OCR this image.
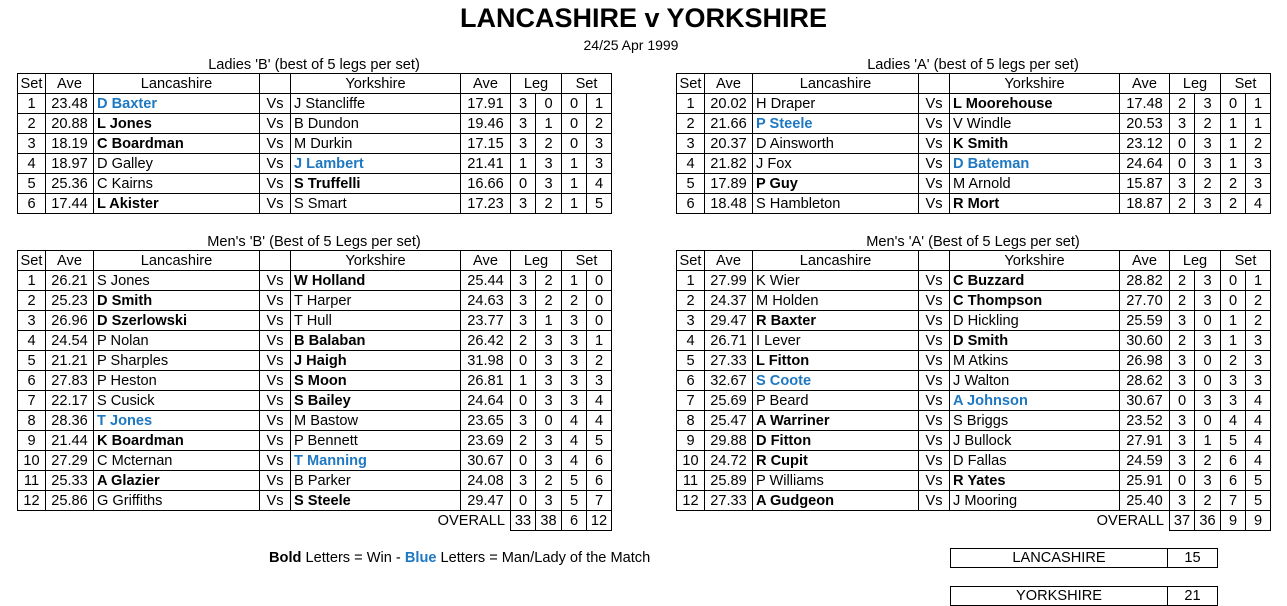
LANCASHIRE v YORKSHIRE
24/25 Apr 1999
Ladies 'B' (best of 5 legs per set)
Set	Ave	Lancashire		Yorkshire	Ave	Leg		Set	
1	23.48	D Baxter	Vs	J Stancliffe	17.91	3	0	0	1
2	20.88	L Jones	Vs	B Dundon	19.46	3	1	0	2
3	18.19	C Boardman	Vs	M Durkin	17.15	3	2	0	3
4	18.97	D Galley	Vs	J Lambert	21.41	1	3	1	3
5	25.36	C Kairns	Vs	S Truffelli	16.66	0	3	1	4
6	17.44	L Akister	Vs	S Smart	17.23	3	2	1	5
Ladies 'A' (best of 5 legs per set)
Set	Ave	Lancashire		Yorkshire	Ave	Leg		Set	
1	20.02	H Draper	Vs	L Moorehouse	17.48	2	3	0	1
2	21.66	P Steele	Vs	V Windle	20.53	3	2	1	1
3	20.37	D Ainsworth	Vs	K Smith	23.12	0	3	1	2
4	21.82	J Fox	Vs	D Bateman	24.64	0	3	1	3
5	17.89	P Guy	Vs	M Arnold	15.87	3	2	2	3
6	18.48	S Hambleton	Vs	R Mort	18.87	2	3	2	4
Men's 'B' (Best of 5 Legs per set)
Set	Ave	Lancashire		Yorkshire	Ave	Leg		Set	
1	26.21	S Jones	Vs	W Holland	25.44	3	2	1	0
2	25.23	D Smith	Vs	T Harper	24.63	3	2	2	0
3	26.96	D Szerlowski	Vs	T Hull	23.77	3	1	3	0
4	24.54	P Nolan	Vs	B Balaban	26.42	2	3	3	1
5	21.21	P Sharples	Vs	J Haigh	31.98	0	3	3	2
6	27.83	P Heston	Vs	S Moon	26.81	1	3	3	3
7	22.17	S Cusick	Vs	S Bailey	24.64	0	3	3	4
8	28.36	T Jones	Vs	M Bastow	23.65	3	0	4	4
9	21.44	K Boardman	Vs	P Bennett	23.69	2	3	4	5
10	27.29	C Mcternan	Vs	T Manning	30.67	0	3	4	6
11	25.33	A Glazier	Vs	B Parker	24.08	3	2	5	6
12	25.86	G Griffiths	Vs	S Steele	29.47	0	3	5	7
OVERALL						33	38	6	12
Men's 'A' (Best of 5 Legs per set)
Set	Ave	Lancashire		Yorkshire	Ave	Leg		Set	
1	27.99	K Wier	Vs	C Buzzard	28.82	2	3	0	1
2	24.37	M Holden	Vs	C Thompson	27.70	2	3	0	2
3	29.47	R Baxter	Vs	D Hickling	25.59	3	0	1	2
4	26.71	I Lever	Vs	D Smith	30.60	2	3	1	3
5	27.33	L Fitton	Vs	M Atkins	26.98	3	0	2	3
6	32.67	S Coote	Vs	J Walton	28.62	3	0	3	3
7	25.69	P Beard	Vs	A Johnson	30.67	0	3	3	4
8	25.47	A Warriner	Vs	S Briggs	23.52	3	0	4	4
9	29.88	D Fitton	Vs	J Bullock	27.91	3	1	5	4
10	24.72	R Cupit	Vs	D Fallas	24.59	3	2	6	4
11	25.89	P Williams	Vs	R Yates	25.91	0	3	6	5
12	27.33	A Gudgeon	Vs	J Mooring	25.40	3	2	7	5
OVERALL						37	36	9	9
Bold Letters = Win - Blue Letters = Man/Lady of the Match	LANCASHIRE	15
YORKSHIRE	21
